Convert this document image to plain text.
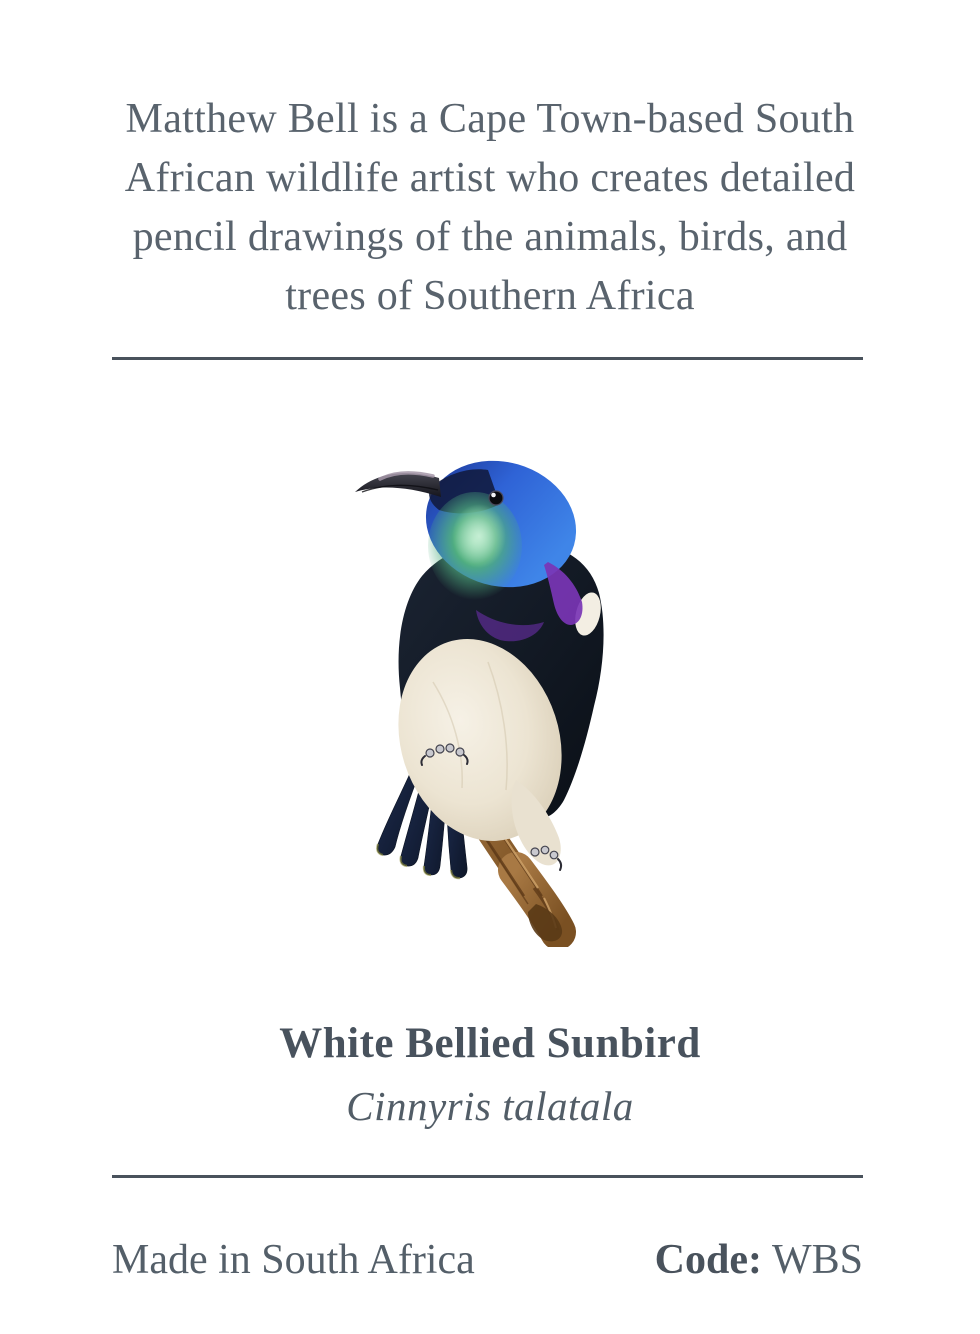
Matthew Bell is a Cape Town-based South
African wildlife artist who creates detailed
pencil drawings of the animals, birds, and
trees of Southern Africa
White Bellied Sunbird
Cinnyris talatala
Made in South Africa	Code: WBS
